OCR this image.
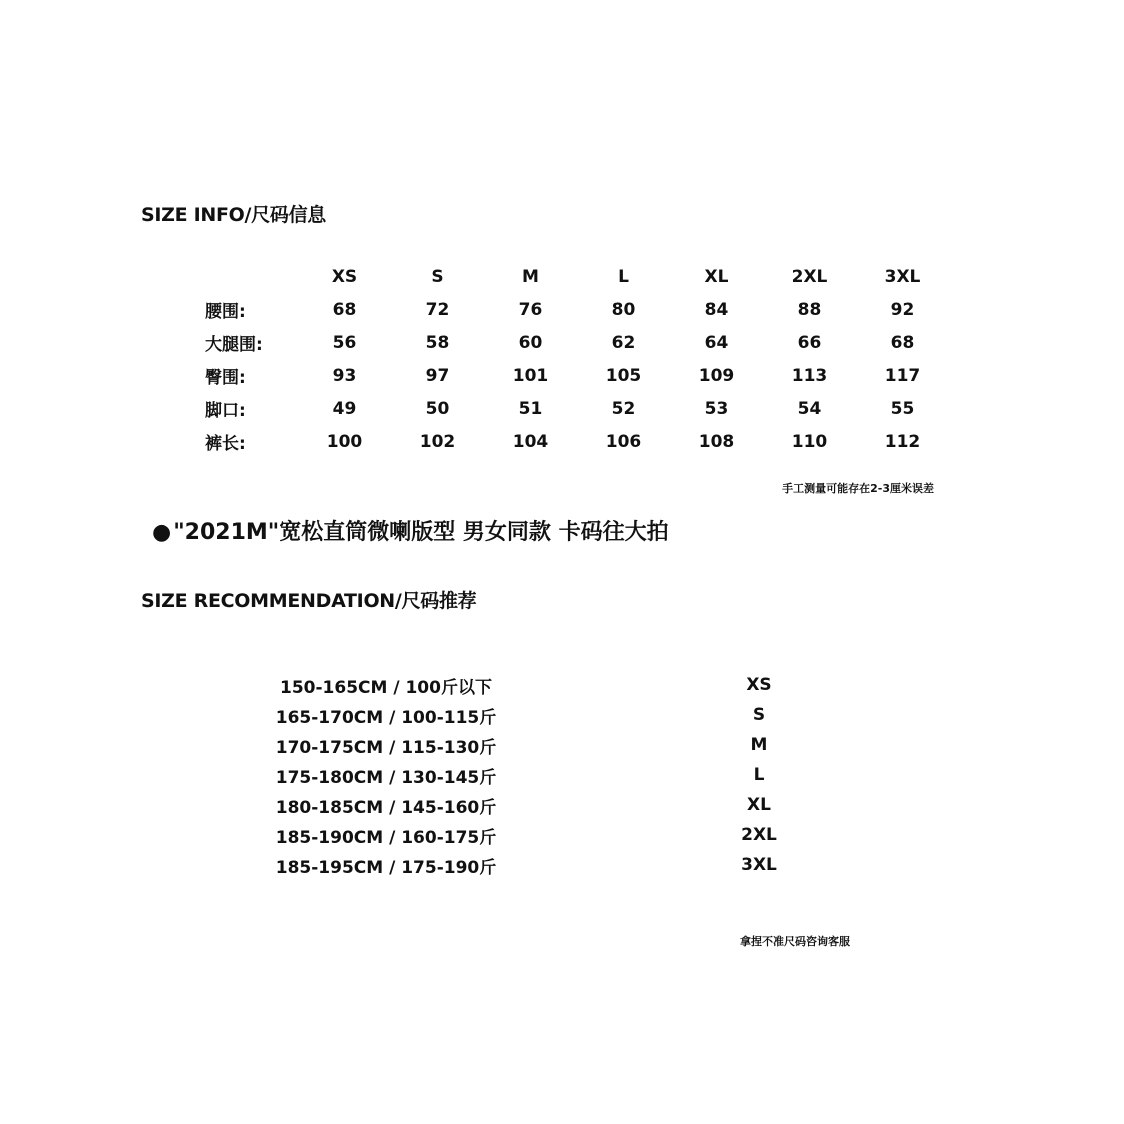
SIZE INFO/尺码信息
	XS	S	M	L	XL	2XL	3XL
腰围:	68	72	76	80	84	88	92
大腿围:	56	58	60	62	64	66	68
臀围:	93	97	101	105	109	113	117
脚口:	49	50	51	52	53	54	55
裤长:	100	102	104	106	108	110	112
手工测量可能存在2-3厘米误差
●"2021M"宽松直筒微喇版型 男女同款 卡码往大拍
SIZE RECOMMENDATION/尺码推荐
150-165CM / 100斤以下	XS
165-170CM / 100-115斤	S
170-175CM / 115-130斤	M
175-180CM / 130-145斤	L
180-185CM / 145-160斤	XL
185-190CM / 160-175斤	2XL
185-195CM / 175-190斤	3XL
拿捏不准尺码咨询客服
